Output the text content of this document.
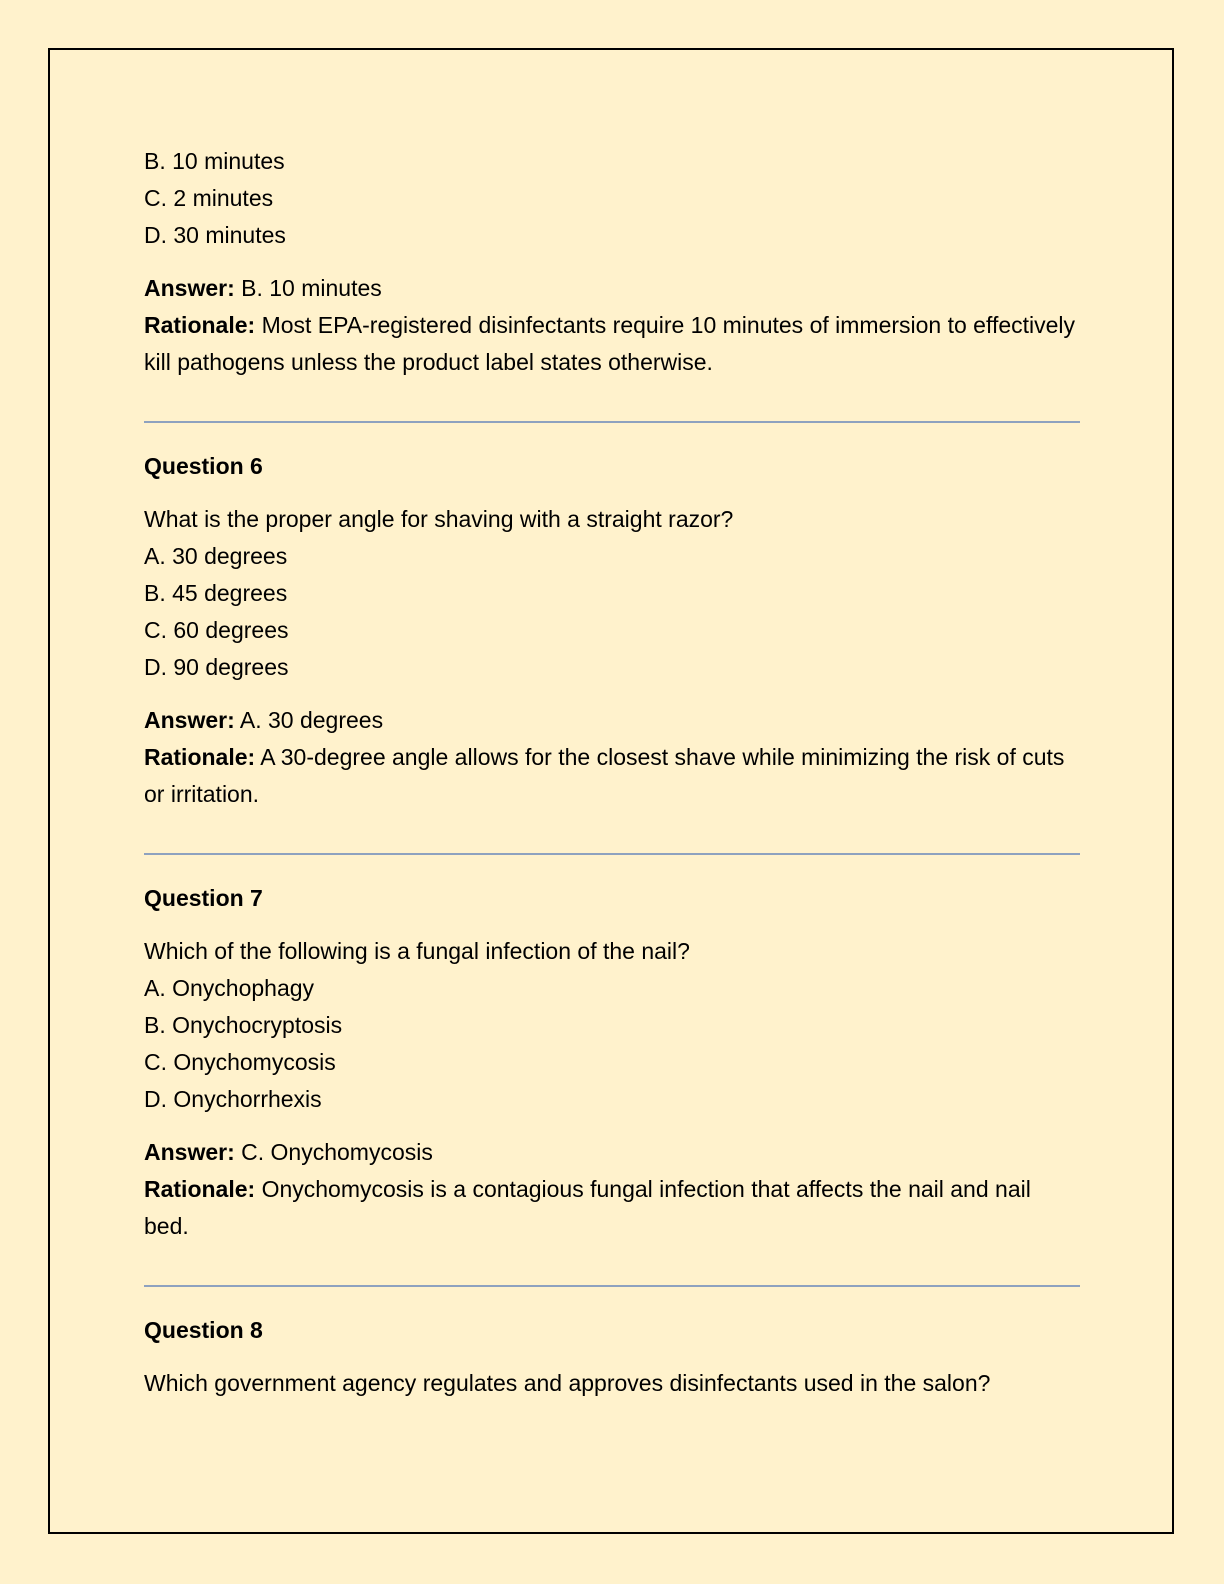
B. 10 minutes
C. 2 minutes
D. 30 minutes
Answer: B. 10 minutes
Rationale: Most EPA-registered disinfectants require 10 minutes of immersion to effectively kill pathogens unless the product label states otherwise.
Question 6
What is the proper angle for shaving with a straight razor?
A. 30 degrees
B. 45 degrees
C. 60 degrees
D. 90 degrees
Answer: A. 30 degrees
Rationale: A 30-degree angle allows for the closest shave while minimizing the risk of cuts or irritation.
Question 7
Which of the following is a fungal infection of the nail?
A. Onychophagy
B. Onychocryptosis
C. Onychomycosis
D. Onychorrhexis
Answer: C. Onychomycosis
Rationale: Onychomycosis is a contagious fungal infection that affects the nail and nail bed.
Question 8
Which government agency regulates and approves disinfectants used in the salon?
